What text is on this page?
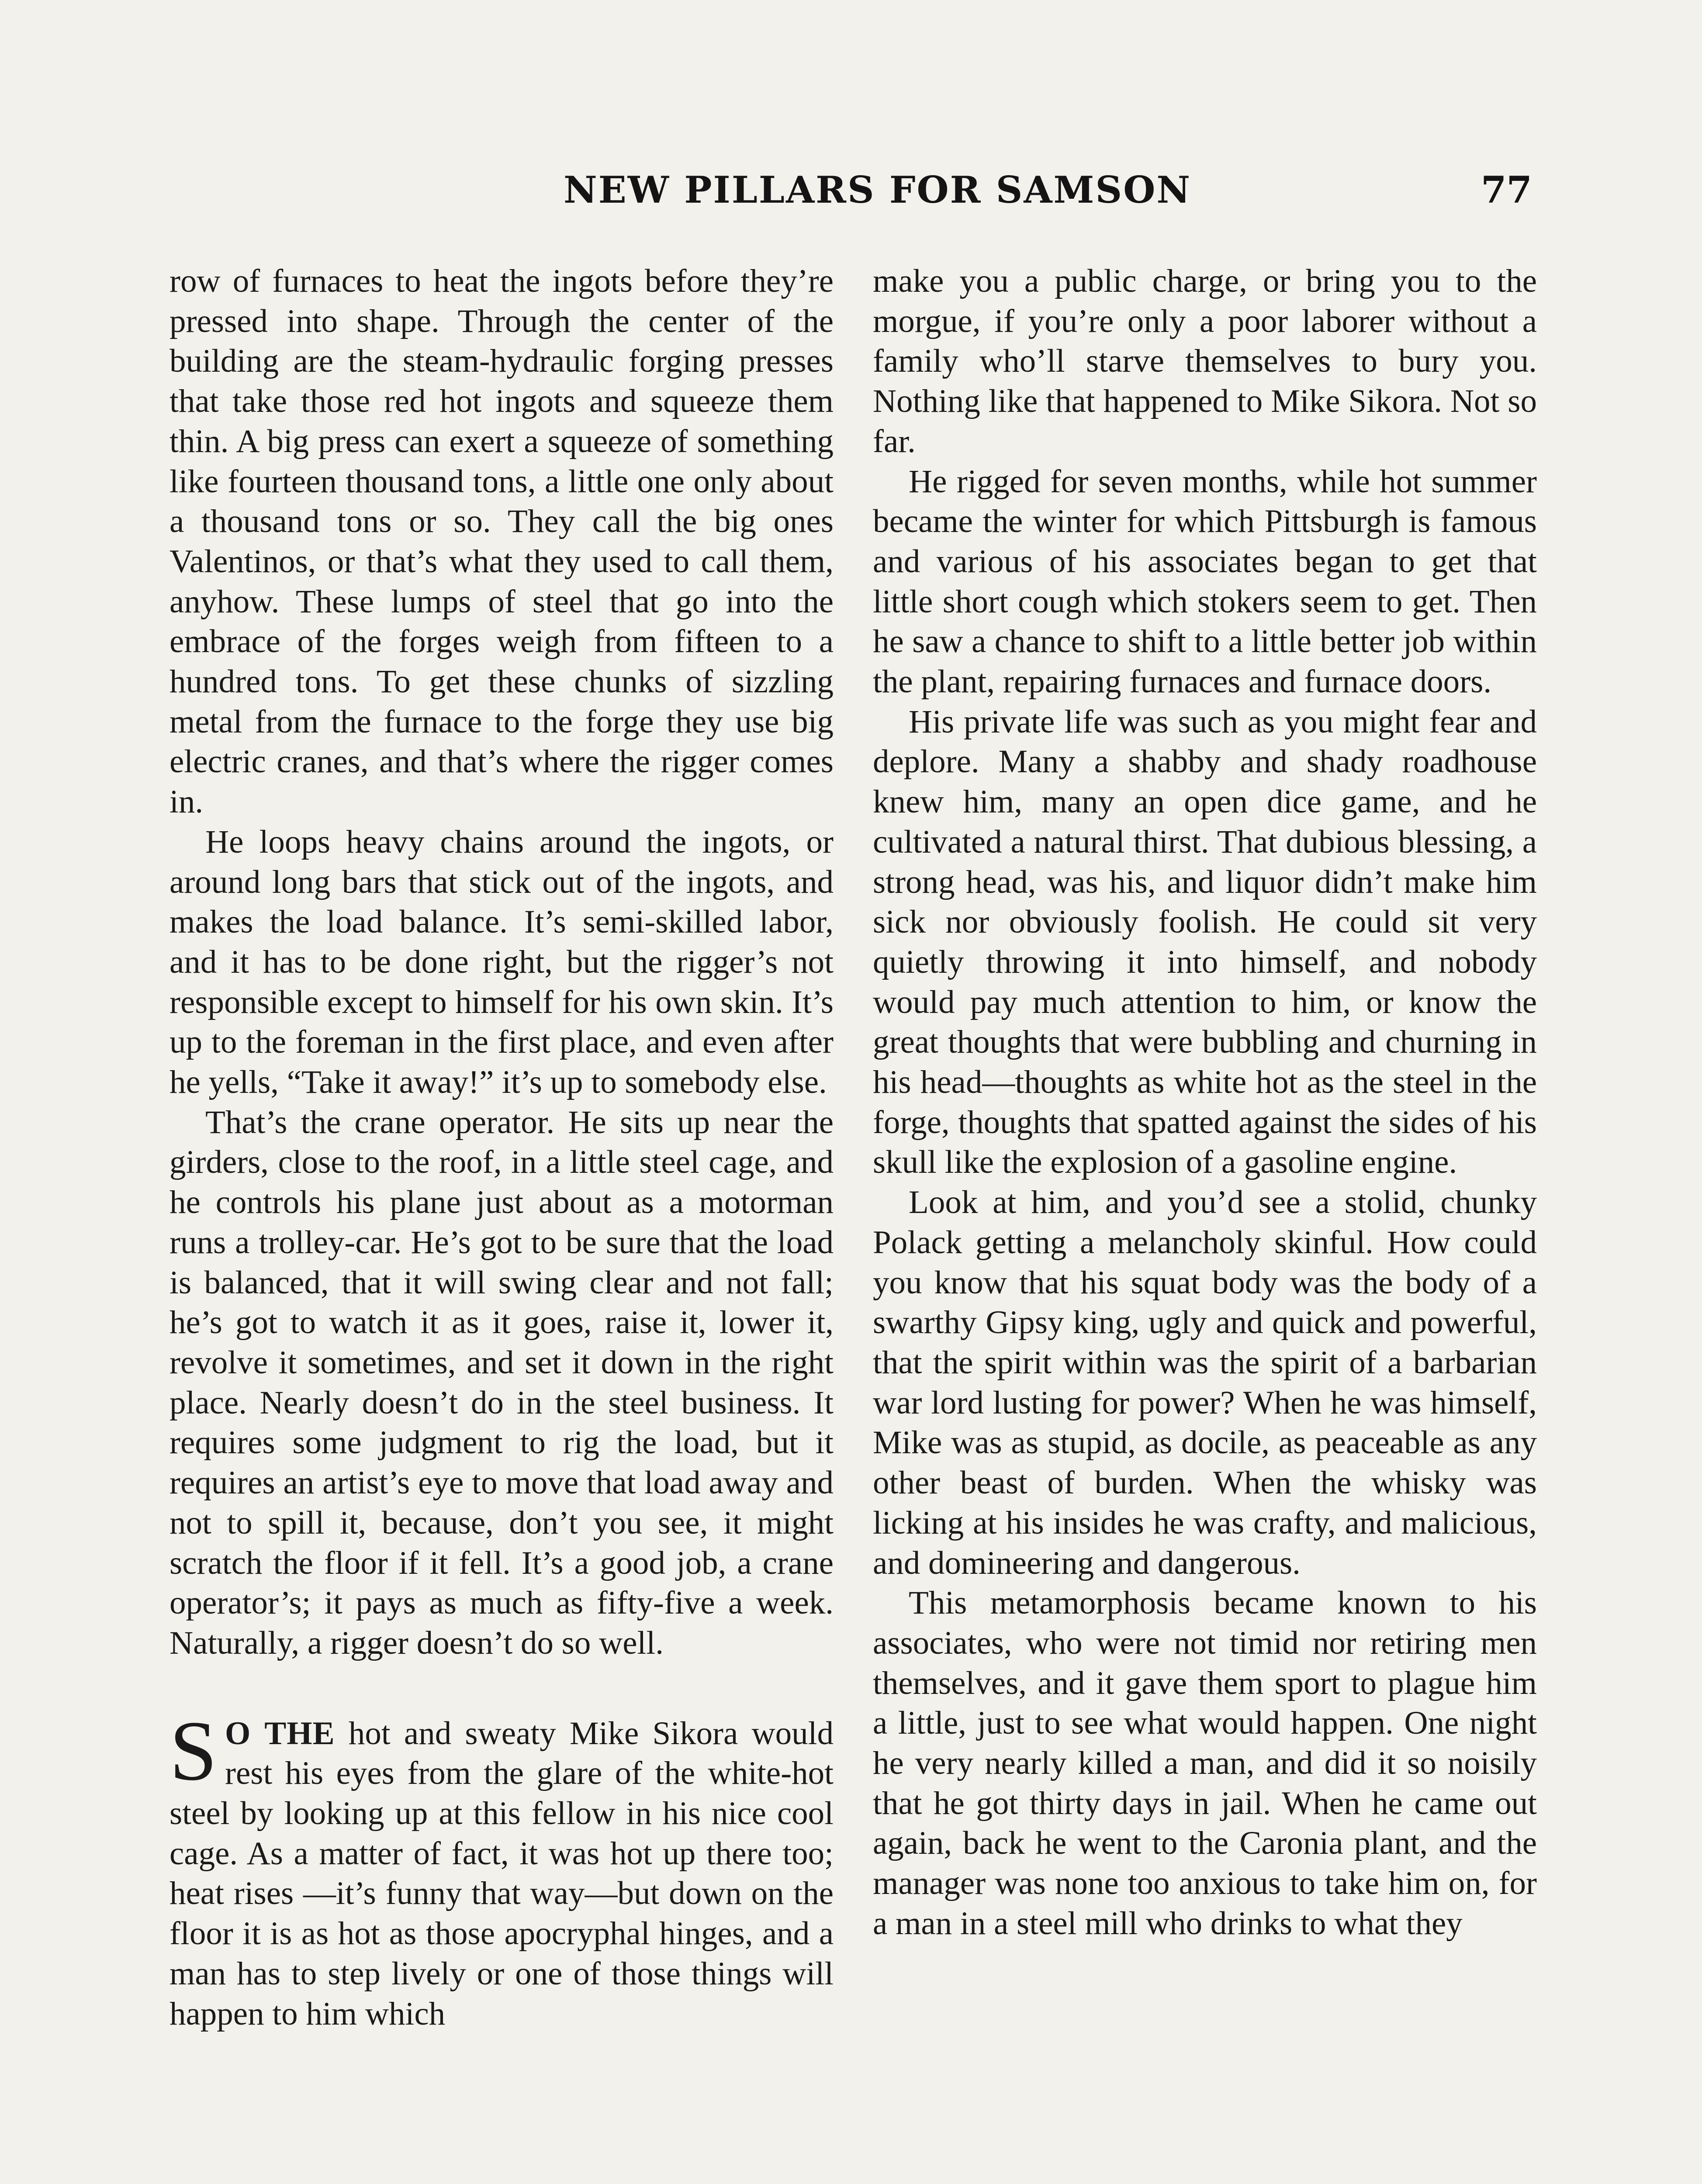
NEW PILLARS FOR SAMSON	77

row of furnaces to heat the ingots before they’re pressed into shape. Through the center of the building are the steam-hydraulic forging presses that take those red hot ingots and squeeze them thin. A big press can exert a squeeze of something like fourteen thousand tons, a little one only about a thousand tons or so. They call the big ones Valentinos, or that’s what they used to call them, anyhow. These lumps of steel that go into the embrace of the forges weigh from fifteen to a hundred tons. To get these chunks of sizzling metal from the furnace to the forge they use big electric cranes, and that’s where the rigger comes in.

He loops heavy chains around the ingots, or around long bars that stick out of the ingots, and makes the load balance. It’s semi-skilled labor, and it has to be done right, but the rigger’s not responsible except to himself for his own skin. It’s up to the foreman in the first place, and even after he yells, “Take it away!” it’s up to somebody else.

That’s the crane operator. He sits up near the girders, close to the roof, in a little steel cage, and he controls his plane just about as a motorman runs a trolley-car. He’s got to be sure that the load is balanced, that it will swing clear and not fall; he’s got to watch it as it goes, raise it, lower it, revolve it sometimes, and set it down in the right place. Nearly doesn’t do in the steel business. It requires some judgment to rig the load, but it requires an artist’s eye to move that load away and not to spill it, because, don’t you see, it might scratch the floor if it fell. It’s a good job, a crane operator’s; it pays as much as fifty-five a week. Naturally, a rigger doesn’t do so well.

S O THE hot and sweaty Mike Sikora would rest his eyes from the glare of the white-hot steel by looking up at this fellow in his nice cool cage. As a matter of fact, it was hot up there too; heat rises —it’s funny that way—but down on the floor it is as hot as those apocryphal hinges, and a man has to step lively or one of those things will happen to him which

make you a public charge, or bring you to the morgue, if you’re only a poor laborer without a family who’ll starve themselves to bury you. Nothing like that happened to Mike Sikora. Not so far.

He rigged for seven months, while hot summer became the winter for which Pittsburgh is famous and various of his associates began to get that little short cough which stokers seem to get. Then he saw a chance to shift to a little better job within the plant, repairing furnaces and furnace doors.

His private life was such as you might fear and deplore. Many a shabby and shady roadhouse knew him, many an open dice game, and he cultivated a natural thirst. That dubious blessing, a strong head, was his, and liquor didn’t make him sick nor obviously foolish. He could sit very quietly throwing it into himself, and nobody would pay much attention to him, or know the great thoughts that were bubbling and churning in his head—thoughts as white hot as the steel in the forge, thoughts that spatted against the sides of his skull like the explosion of a gasoline engine.

Look at him, and you’d see a stolid, chunky Polack getting a melancholy skinful. How could you know that his squat body was the body of a swarthy Gipsy king, ugly and quick and powerful, that the spirit within was the spirit of a barbarian war lord lusting for power? When he was himself, Mike was as stupid, as docile, as peaceable as any other beast of burden. When the whisky was licking at his insides he was crafty, and malicious, and domineering and dangerous.

This metamorphosis became known to his associates, who were not timid nor retiring men themselves, and it gave them sport to plague him a little, just to see what would happen. One night he very nearly killed a man, and did it so noisily that he got thirty days in jail. When he came out again, back he went to the Caronia plant, and the manager was none too anxious to take him on, for a man in a steel mill who drinks to what they
